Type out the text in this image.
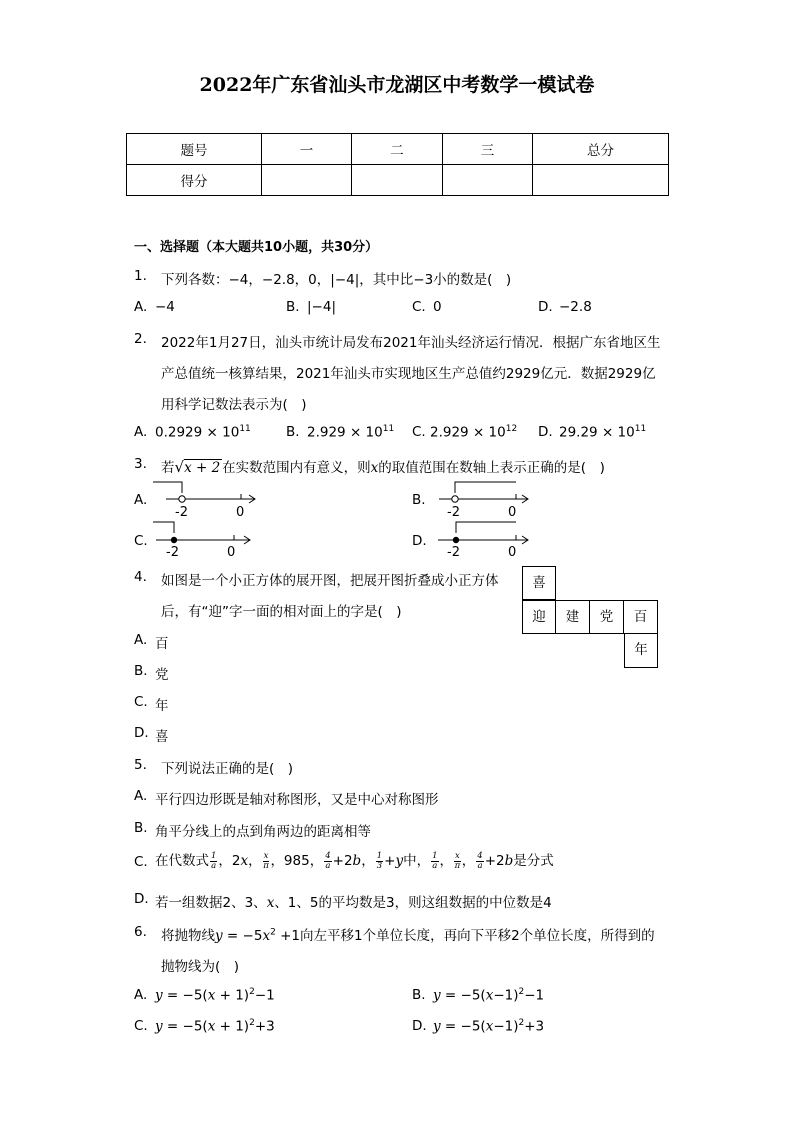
2022年广东省汕头市龙湖区中考数学一模试卷
题号	一	二	三	总分
得分				
一、选择题（本大题共10小题，共30分）
1. 下列各数：−4，−2.8，0，|−4|，其中比−3小的数是(　)
A. −4	B. |−4|	C. 0	D. −2.8
2. 2022年1月27日，汕头市统计局发布2021年汕头经济运行情况．根据广东省地区生
产总值统一核算结果，2021年汕头市实现地区生产总值约2929亿元．数据2929亿
用科学记数法表示为(　)
A. $0.2929 \times 10^{11}$	B. $2.929 \times 10^{11}$ C. $2.929 \times 10^{12}$ D. $29.29 \times 10^{11}$
3. 若√x + 2 在实数范围内有意义，则x的取值范围在数轴上表示正确的是(　)
A.
-2	0
B.
-2	0
C.
-2	0
D.
-2	0
4. 如图是一个小正方体的展开图，把展开图折叠成小正方体
后，有“迎”字一面的相对面上的字是(　)
喜
迎	建	党	百
年
A. 百
B. 党
C. 年
D. 喜
5. 下列说法正确的是(　)
A. 平行四边形既是轴对称图形，又是中心对称图形
B. 角平分线上的点到角两边的距离相等
C. 在代数式 $\frac{1}{a}$ ，2x， $\frac{x}{\pi}$ ，985， $\frac{4}{a} +2b$， $\frac{1}{3} +y$中， $\frac{1}{a}$ ， $\frac{x}{\pi}$ ， $\frac{4}{a} +2b$是分式
D. 若一组数据2、3、x、1、5的平均数是3，则这组数据的中位数是4
6. 将抛物线$y = -5x^2 +1$向左平移1个单位长度，再向下平移2个单位长度，所得到的
抛物线为(　)
A. $y = -5(x + 1)^2-1$	B. $y = -5(x-1)^2-1$
C. $y = -5(x + 1)^2+3$	D. $y = -5(x-1)^2+3$
